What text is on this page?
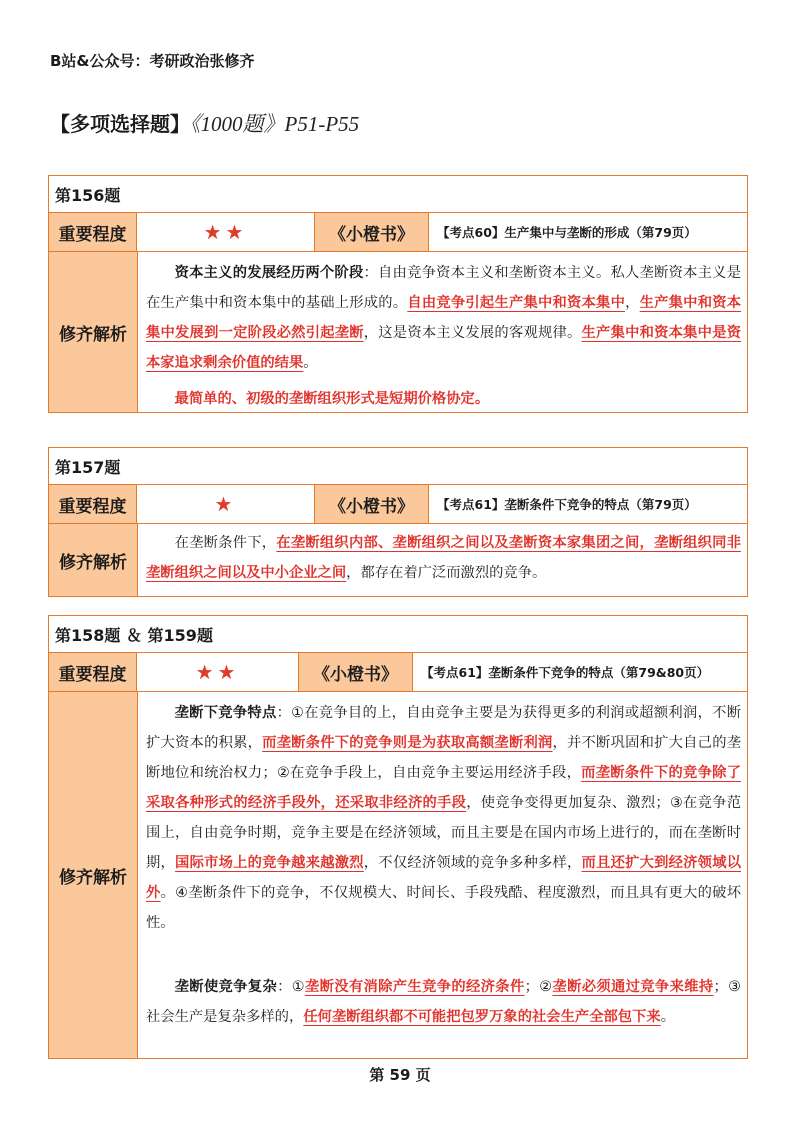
B站&公众号：考研政治张修齐
【多项选择题】《1000题》P51-P55
第156题
重要程度	★★	《小橙书》	【考点60】生产集中与垄断的形成（第79页）
修齐解析

资本主义的发展经历两个阶段：自由竞争资本主义和垄断资本主义。私人垄断资本主义是在生产集中和资本集中的基础上形成的。自由竞争引起生产集中和资本集中，生产集中和资本集中发展到一定阶段必然引起垄断，这是资本主义发展的客观规律。生产集中和资本集中是资本家追求剩余价值的结果。

最简单的、初级的垄断组织形式是短期价格协定。

第157题
重要程度	★	《小橙书》	【考点61】垄断条件下竞争的特点（第79页）
修齐解析

在垄断条件下，在垄断组织内部、垄断组织之间以及垄断资本家集团之间，垄断组织同非垄断组织之间以及中小企业之间，都存在着广泛而激烈的竞争。

第158题 ＆ 第159题
重要程度	★★	《小橙书》	【考点61】垄断条件下竞争的特点（第79&80页）
修齐解析

垄断下竞争特点：①在竞争目的上，自由竞争主要是为获得更多的利润或超额利润，不断扩大资本的积累，而垄断条件下的竞争则是为获取高额垄断利润，并不断巩固和扩大自己的垄断地位和统治权力；②在竞争手段上，自由竞争主要运用经济手段，而垄断条件下的竞争除了采取各种形式的经济手段外，还采取非经济的手段，使竞争变得更加复杂、激烈；③在竞争范围上，自由竞争时期，竞争主要是在经济领域，而且主要是在国内市场上进行的，而在垄断时期，国际市场上的竞争越来越激烈，不仅经济领域的竞争多种多样，而且还扩大到经济领域以外。④垄断条件下的竞争，不仅规模大、时间长、手段残酷、程度激烈，而且具有更大的破坏性。

垄断使竞争复杂：①垄断没有消除产生竞争的经济条件；②垄断必须通过竞争来维持；③社会生产是复杂多样的，任何垄断组织都不可能把包罗万象的社会生产全部包下来。

第 59 页
